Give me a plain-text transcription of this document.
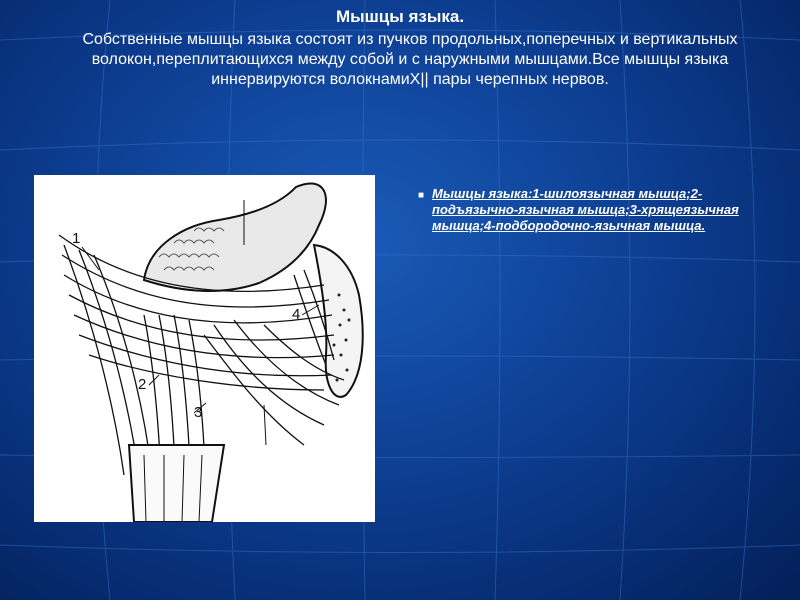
Мышцы языка.
Собственные мышцы языка состоят из пучков продольных,поперечных и вертикальных волокон,переплитающихся между собой и с наружными мышцами.Все мышцы языка иннервируются волокнамиX|| пары черепных нервов.
1
2
3
4
■ Мышцы языка:1-шилоязычная мышца;2-подъязычно-язычная мышца;3-хрящеязычная мышца;4-подбородочно-язычная мышца.
